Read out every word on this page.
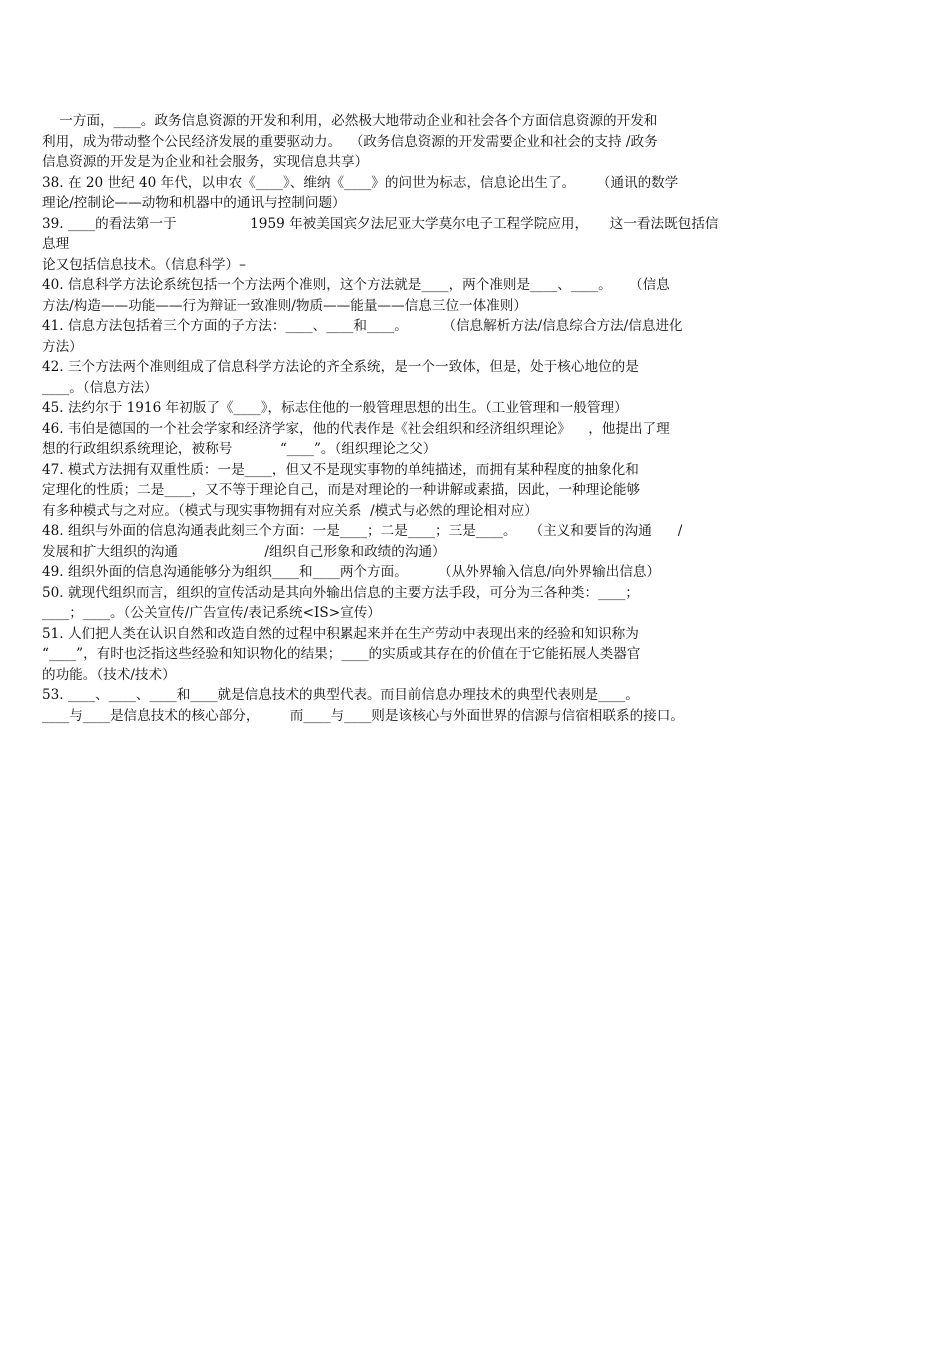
一方面，____。政务信息资源的开发和利用，必然极大地带动企业和社会各个方面信息资源的开发和
利用，成为带动整个公民经济发展的重要驱动力。  （政务信息资源的开发需要企业和社会的支持 /政务
信息资源的开发是为企业和社会服务，实现信息共享）
38. 在 20 世纪 40 年代，以申农《____》、维纳《____》的问世为标志，信息论出生了。     （通讯的数学
理论/控制论——动物和机器中的通讯与控制问题）
39. ____的看法第一于                 1959 年被美国宾夕法尼亚大学莫尔电子工程学院应用，     这一看法既包括信
息理
论又包括信息技术。（信息科学）–
40. 信息科学方法论系统包括一个方法两个准则，这个方法就是____，两个准则是____、____。    （信息
方法/构造——功能——行为辩证一致准则/物质——能量——信息三位一体准则）
41. 信息方法包括着三个方面的子方法：____、____和____。        （信息解析方法/信息综合方法/信息进化
方法）
42. 三个方法两个准则组成了信息科学方法论的齐全系统，是一个一致体，但是，处于核心地位的是
____。（信息方法）
45. 法约尔于 1916 年初版了《____》，标志住他的一般管理思想的出生。（工业管理和一般管理）
46. 韦伯是德国的一个社会学家和经济学家，他的代表作是《社会组织和经济组织理论》    ，他提出了理
想的行政组织系统理论，被称号           “____”。（组织理论之父）
47. 模式方法拥有双重性质：一是____，但又不是现实事物的单纯描述，而拥有某种程度的抽象化和
定理化的性质；二是____，又不等于理论自己，而是对理论的一种讲解或素描，因此，一种理论能够
有多种模式与之对应。（模式与现实事物拥有对应关系  /模式与必然的理论相对应）
48. 组织与外面的信息沟通表此刻三个方面：一是____；二是____；三是____。   （主义和要旨的沟通      /
发展和扩大组织的沟通                    /组织自己形象和政绩的沟通）
49. 组织外面的信息沟通能够分为组织____和____两个方面。       （从外界输入信息/向外界输出信息）
50. 就现代组织而言，组织的宣传活动是其向外输出信息的主要方法手段，可分为三各种类：____；
____；____。（公关宣传/广告宣传/表记系统<IS>宣传）
51. 人们把人类在认识自然和改造自然的过程中积累起来并在生产劳动中表现出来的经验和知识称为
“____”，有时也泛指这些经验和知识物化的结果；____的实质或其存在的价值在于它能拓展人类器官
的功能。（技术/技术）
53. ____、____、____和____就是信息技术的典型代表。而目前信息办理技术的典型代表则是____。
____与____是信息技术的核心部分，       而____与____则是该核心与外面世界的信源与信宿相联系的接口。
